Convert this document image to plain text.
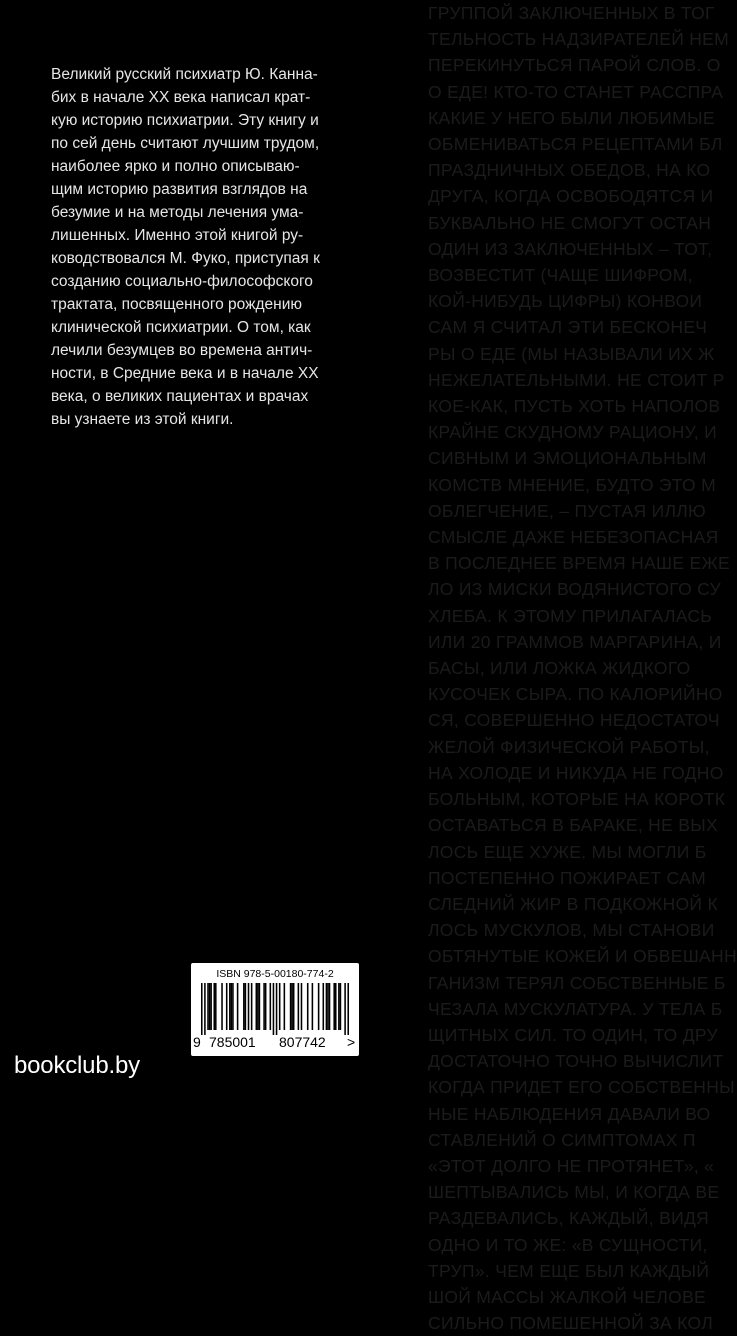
ГРУППОЙ ЗАКЛЮЧЕННЫХ В ТОГ
ТЕЛЬНОСТЬ НАДЗИРАТЕЛЕЙ НЕМ
ПЕРЕКИНУТЬСЯ ПАРОЙ СЛОВ. О
О ЕДЕ! КТО-ТО СТАНЕТ РАССПРА
КАКИЕ У НЕГО БЫЛИ ЛЮБИМЫЕ
ОБМЕНИВАТЬСЯ РЕЦЕПТАМИ БЛ
ПРАЗДНИЧНЫХ ОБЕДОВ, НА КО
ДРУГА, КОГДА ОСВОБОДЯТСЯ И
БУКВАЛЬНО НЕ СМОГУТ ОСТАН
ОДИН ИЗ ЗАКЛЮЧЕННЫХ – ТОТ,
ВОЗВЕСТИТ (ЧАЩЕ ШИФРОМ,
КОЙ-НИБУДЬ ЦИФРЫ) КОНВОИ
САМ Я СЧИТАЛ ЭТИ БЕСКОНЕЧ
РЫ О ЕДЕ (МЫ НАЗЫВАЛИ ИХ Ж
НЕЖЕЛАТЕЛЬНЫМИ. НЕ СТОИТ Р
КОЕ-КАК, ПУСТЬ ХОТЬ НАПОЛОВ
КРАЙНЕ СКУДНОМУ РАЦИОНУ, И
СИВНЫМ И ЭМОЦИОНАЛЬНЫМ
КОМСТВ МНЕНИЕ, БУДТО ЭТО М
ОБЛЕГЧЕНИЕ, – ПУСТАЯ ИЛЛЮ
СМЫСЛЕ ДАЖЕ НЕБЕЗОПАСНАЯ
В ПОСЛЕДНЕЕ ВРЕМЯ НАШЕ ЕЖЕ
ЛО ИЗ МИСКИ ВОДЯНИСТОГО СУ
ХЛЕБА. К ЭТОМУ ПРИЛАГАЛАСЬ
ИЛИ 20 ГРАММОВ МАРГАРИНА, И
БАСЫ, ИЛИ ЛОЖКА ЖИДКОГО
КУСОЧЕК СЫРА. ПО КАЛОРИЙНО
СЯ, СОВЕРШЕННО НЕДОСТАТОЧ
ЖЕЛОЙ ФИЗИЧЕСКОЙ РАБОТЫ,
НА ХОЛОДЕ И НИКУДА НЕ ГОДНО
БОЛЬНЫМ, КОТОРЫЕ НА КОРОТК
ОСТАВАТЬСЯ В БАРАКЕ, НЕ ВЫХ
ЛОСЬ ЕЩЕ ХУЖЕ. МЫ МОГЛИ Б
ПОСТЕПЕННО ПОЖИРАЕТ САМ
СЛЕДНИЙ ЖИР В ПОДКОЖНОЙ К
ЛОСЬ МУСКУЛОВ, МЫ СТАНОВИ
ОБТЯНУТЫЕ КОЖЕЙ И ОБВЕШАНН
ГАНИЗМ ТЕРЯЛ СОБСТВЕННЫЕ Б
ЧЕЗАЛА МУСКУЛАТУРА. У ТЕЛА Б
ЩИТНЫХ СИЛ. ТО ОДИН, ТО ДРУ
ДОСТАТОЧНО ТОЧНО ВЫЧИСЛИТ
КОГДА ПРИДЕТ ЕГО СОБСТВЕННЫ
НЫЕ НАБЛЮДЕНИЯ ДАВАЛИ ВО
СТАВЛЕНИЙ О СИМПТОМАХ П
«ЭТОТ ДОЛГО НЕ ПРОТЯНЕТ», «
ШЕПТЫВАЛИСЬ МЫ, И КОГДА ВЕ
РАЗДЕВАЛИСЬ, КАЖДЫЙ, ВИДЯ
ОДНО И ТО ЖЕ: «В СУЩНОСТИ,
ТРУП». ЧЕМ ЕЩЕ БЫЛ КАЖДЫЙ
ШОЙ МАССЫ ЖАЛКОЙ ЧЕЛОВЕ
СИЛЬНО ПОМЕШЕННОЙ ЗА КОЛ
Великий русский психиатр Ю. Канна-
бих в начале XX века написал крат-
кую историю психиатрии. Эту книгу и
по сей день считают лучшим трудом,
наиболее ярко и полно описываю-
щим историю развития взглядов на
безумие и на методы лечения ума-
лишенных. Именно этой книгой ру-
ководствовался М. Фуко, приступая к
созданию социально-философского
трактата, посвященного рождению
клинической психиатрии. О том, как
лечили безумцев во времена антич-
ности, в Средние века и в начале XX
века, о великих пациентах и врачах
вы узнаете из этой книги.
ISBN 978-5-00180-774-2
9 785001 807742 >
bookclub.by
